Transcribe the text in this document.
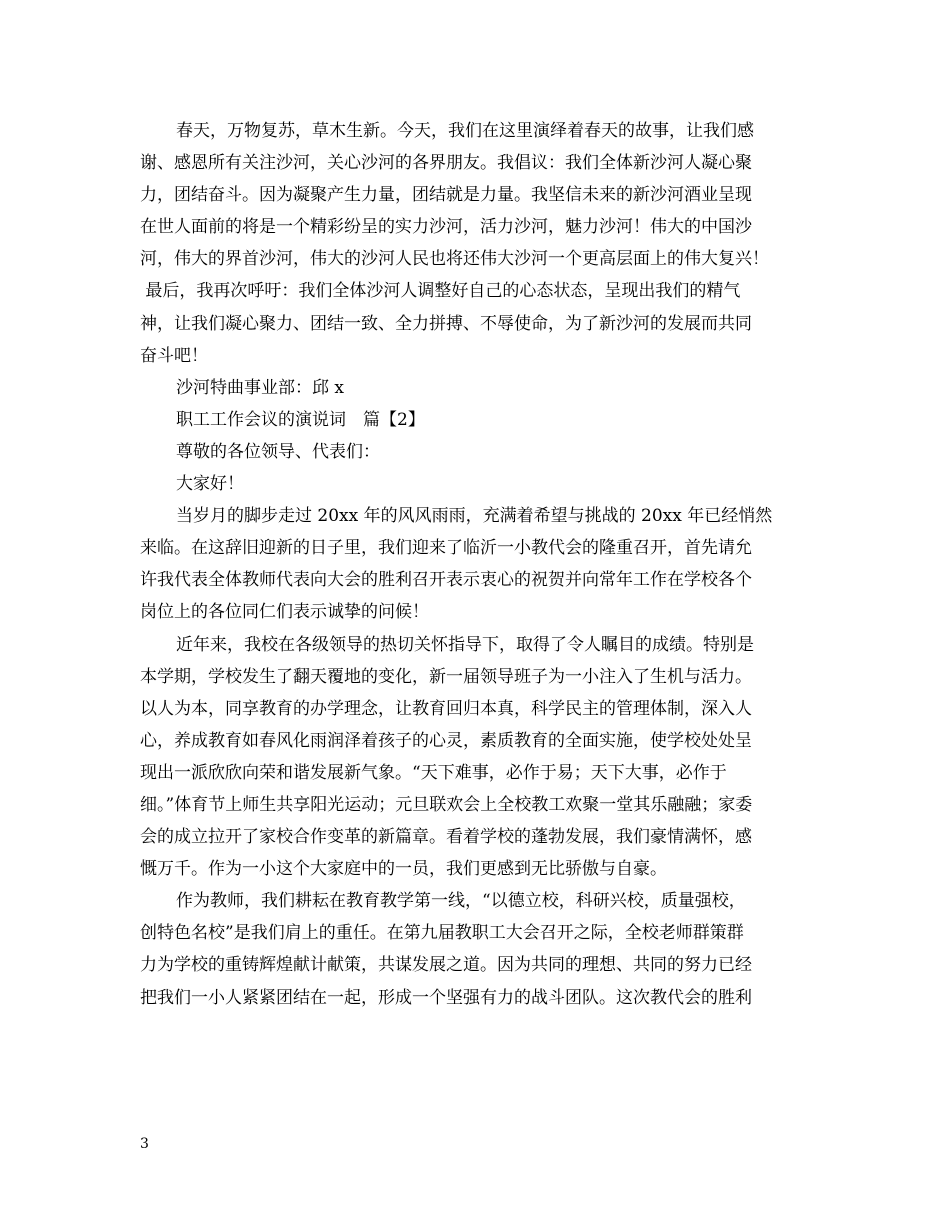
春天，万物复苏，草木生新。今天，我们在这里演绎着春天的故事，让我们感
谢、感恩所有关注沙河，关心沙河的各界朋友。我倡议：我们全体新沙河人凝心聚
力，团结奋斗。因为凝聚产生力量，团结就是力量。我坚信未来的新沙河酒业呈现
在世人面前的将是一个精彩纷呈的实力沙河，活力沙河，魅力沙河！伟大的中国沙
河，伟大的界首沙河，伟大的沙河人民也将还伟大沙河一个更高层面上的伟大复兴！
最后，我再次呼吁：我们全体沙河人调整好自己的心态状态，呈现出我们的精气
神，让我们凝心聚力、团结一致、全力拼搏、不辱使命，为了新沙河的发展而共同
奋斗吧！
沙河特曲事业部：邱 x
职工工作会议的演说词　篇【2】
尊敬的各位领导、代表们：
大家好！
当岁月的脚步走过 20xx 年的风风雨雨，充满着希望与挑战的 20xx 年已经悄然
来临。在这辞旧迎新的日子里，我们迎来了临沂一小教代会的隆重召开，首先请允
许我代表全体教师代表向大会的胜利召开表示衷心的祝贺并向常年工作在学校各个
岗位上的各位同仁们表示诚挚的问候！
近年来，我校在各级领导的热切关怀指导下，取得了令人瞩目的成绩。特别是
本学期，学校发生了翻天覆地的变化，新一届领导班子为一小注入了生机与活力。
以人为本，同享教育的办学理念，让教育回归本真，科学民主的管理体制，深入人
心，养成教育如春风化雨润泽着孩子的心灵，素质教育的全面实施，使学校处处呈
现出一派欣欣向荣和谐发展新气象。“天下难事，必作于易；天下大事，必作于
细。”体育节上师生共享阳光运动；元旦联欢会上全校教工欢聚一堂其乐融融；家委
会的成立拉开了家校合作变革的新篇章。看着学校的蓬勃发展，我们豪情满怀，感
慨万千。作为一小这个大家庭中的一员，我们更感到无比骄傲与自豪。
作为教师，我们耕耘在教育教学第一线，“以德立校，科研兴校，质量强校，
创特色名校”是我们肩上的重任。在第九届教职工大会召开之际，全校老师群策群
力为学校的重铸辉煌献计献策，共谋发展之道。因为共同的理想、共同的努力已经
把我们一小人紧紧团结在一起，形成一个坚强有力的战斗团队。这次教代会的胜利
3
